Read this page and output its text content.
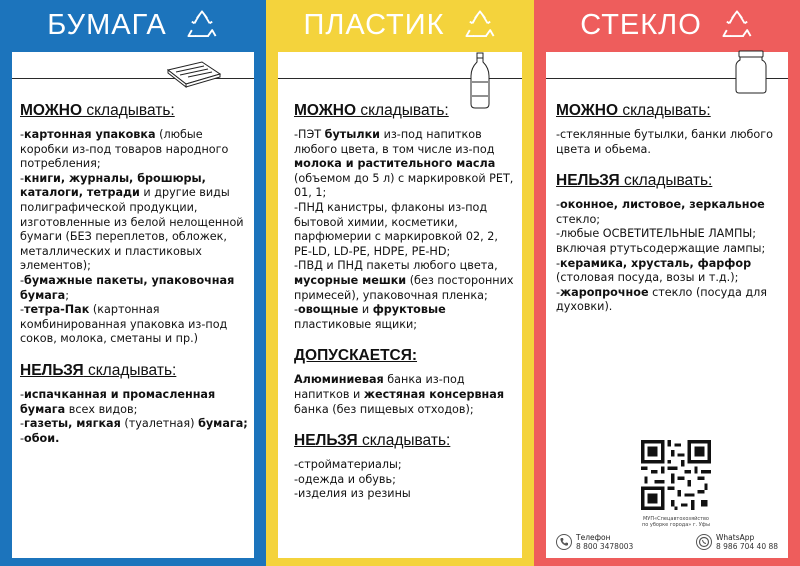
БУМАГА
МОЖНО складывать:

-картонная упаковка (любые коробки из-под товаров народного потребления;

-книги, журналы, брошюры, каталоги, тетради и другие виды полиграфической продукции, изготовленные из белой нелощенной бумаги (БЕЗ переплетов, обложек, металлических и пластиковых элементов);

-бумажные пакеты, упаковочная бумага;

-тетра-Пак (картонная комбинированная упаковка из-под соков, молока, сметаны и пр.)

НЕЛЬЗЯ складывать:

-испачканная и промасленная бумага всех видов;

-газеты, мягкая (туалетная) бумага;

-обои.

ПЛАСТИК
МОЖНО складывать:

-ПЭТ бутылки из-под напитков любого цвета, в том числе из-под молока и растительного масла (объемом до 5 л) с маркировкой PET, 01, 1;

-ПНД канистры, флаконы из-под бытовой химии, косметики, парфюмерии с маркировкой 02, 2, PE-LD, LD-PE, HDPE, PE-HD;

-ПВД и ПНД пакеты любого цвета, мусорные мешки (без посторонних примесей), упаковочная пленка;

-овощные и фруктовые пластиковые ящики;

ДОПУСКАЕТСЯ:

Алюминиевая банка из-под напитков и жестяная консервная банка (без пищевых отходов);

НЕЛЬЗЯ складывать:

-стройматериалы;

-одежда и обувь;

-изделия из резины

СТЕКЛО
МОЖНО складывать:

-стеклянные бутылки, банки любого цвета и обьема.

НЕЛЬЗЯ складывать:

-оконное, листовое, зеркальное стекло;

-любые ОСВЕТИТЕЛЬНЫЕ ЛАМПЫ; включая ртутьсодержащие лампы;

-керамика, хрусталь, фарфор (столовая посуда, возы и т.д.);

-жаропрочное стекло (посуда для духовки).

МУП«Спецавтохозяйство по уборке города» г. Уфы
Телефон
8 800 3478003
WhatsApp
8 986 704 40 88
